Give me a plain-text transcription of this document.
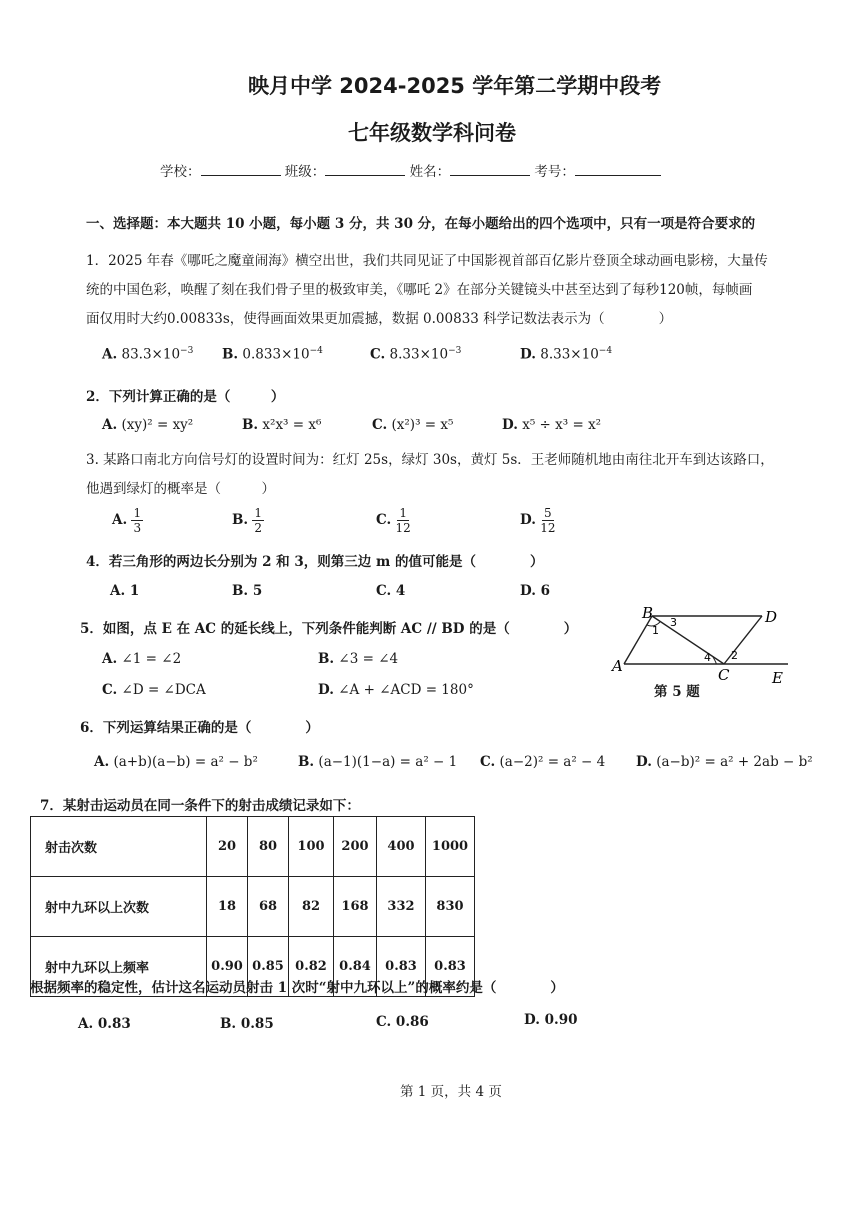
映月中学 2024-2025 学年第二学期中段考
七年级数学科问卷
学校：	班级：	姓名：	考号：
一、选择题：本大题共 10 小题，每小题 3 分，共 30 分，在每小题给出的四个选项中，只有一项是符合要求的
1．2025 年春《哪吒之魔童闹海》横空出世，我们共同见证了中国影视首部百亿影片登顶全球动画电影榜，大量传
统的中国色彩，唤醒了刻在我们骨子里的极致审美，《哪吒 2》在部分关键镜头中甚至达到了每秒120帧，每帧画
面仅用时大约0.00833s，使得画面效果更加震撼，数据 0.00833 科学记数法表示为（　　　　）
A. $83.3\times 10^{-3}$ B. $0.833\times 10^{-4}$	C. $8.33\times 10^{-3}$	D. $8.33\times 10^{-4}$
2．下列计算正确的是（　　　）
A. (xy)² = xy²	B. x²x³ = x⁶	C. (x²)³ = x⁵	D. x⁵ ÷ x³ = x²
3. 某路口南北方向信号灯的设置时间为：红灯 25s，绿灯 30s，黄灯 5s．王老师随机地由南往北开车到达该路口，
他遇到绿灯的概率是（　　　）
A. $\frac{1}{3}$	B. $\frac{1}{2}$	C. $\frac{1}{12}$	D. $\frac{5}{12}$
4．若三角形的两边长分别为 2 和 3，则第三边 m 的值可能是（　　　　）
A. 1	B. 5	C. 4	D. 6
5．如图，点 E 在 AC 的延长线上，下列条件能判断 AC // BD 的是（　　　　）
A. ∠1 = ∠2	B. ∠3 = ∠4
C. ∠D = ∠DCA	D. ∠A + ∠ACD = 180°
B	D
A	C	E
1
2
3
4
第 5 题
6．下列运算结果正确的是（　　　　）
A. (a+b)(a−b) = a² − b²	B. (a−1)(1−a) = a² − 1 C. (a−2)² = a² − 4 D. (a−b)² = a² + 2ab − b²
7．某射击运动员在同一条件下的射击成绩记录如下：
射击次数	20	80	100	200	400	1000
射中九环以上次数	18	68	82	168	332	830
射中九环以上频率	0.90	0.85	0.82	0.84	0.83	0.83
根据频率的稳定性，估计这名运动员射击 1 次时“射中九环以上”的概率约是（　　　　）
A. 0.83	B. 0.85	C. 0.86	D. 0.90
第 1 页，共 4 页
